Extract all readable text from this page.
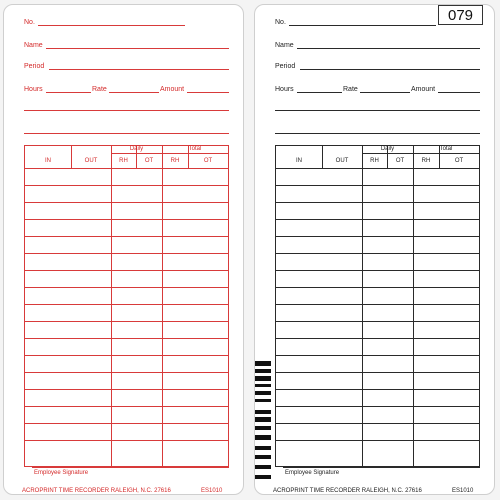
No.
Name
Period
Hours	Rate	Amount
Daily	Total
IN	OUT	RH	OT	RH	OT
Employee Signature
ACROPRINT TIME RECORDER RALEIGH, N.C. 27616	ES1010
079
No.
Name
Period
Hours	Rate	Amount
Daily	Total
IN	OUT	RH	OT	RH	OT
Employee Signature
ACROPRINT TIME RECORDER RALEIGH, N.C. 27616	ES1010
